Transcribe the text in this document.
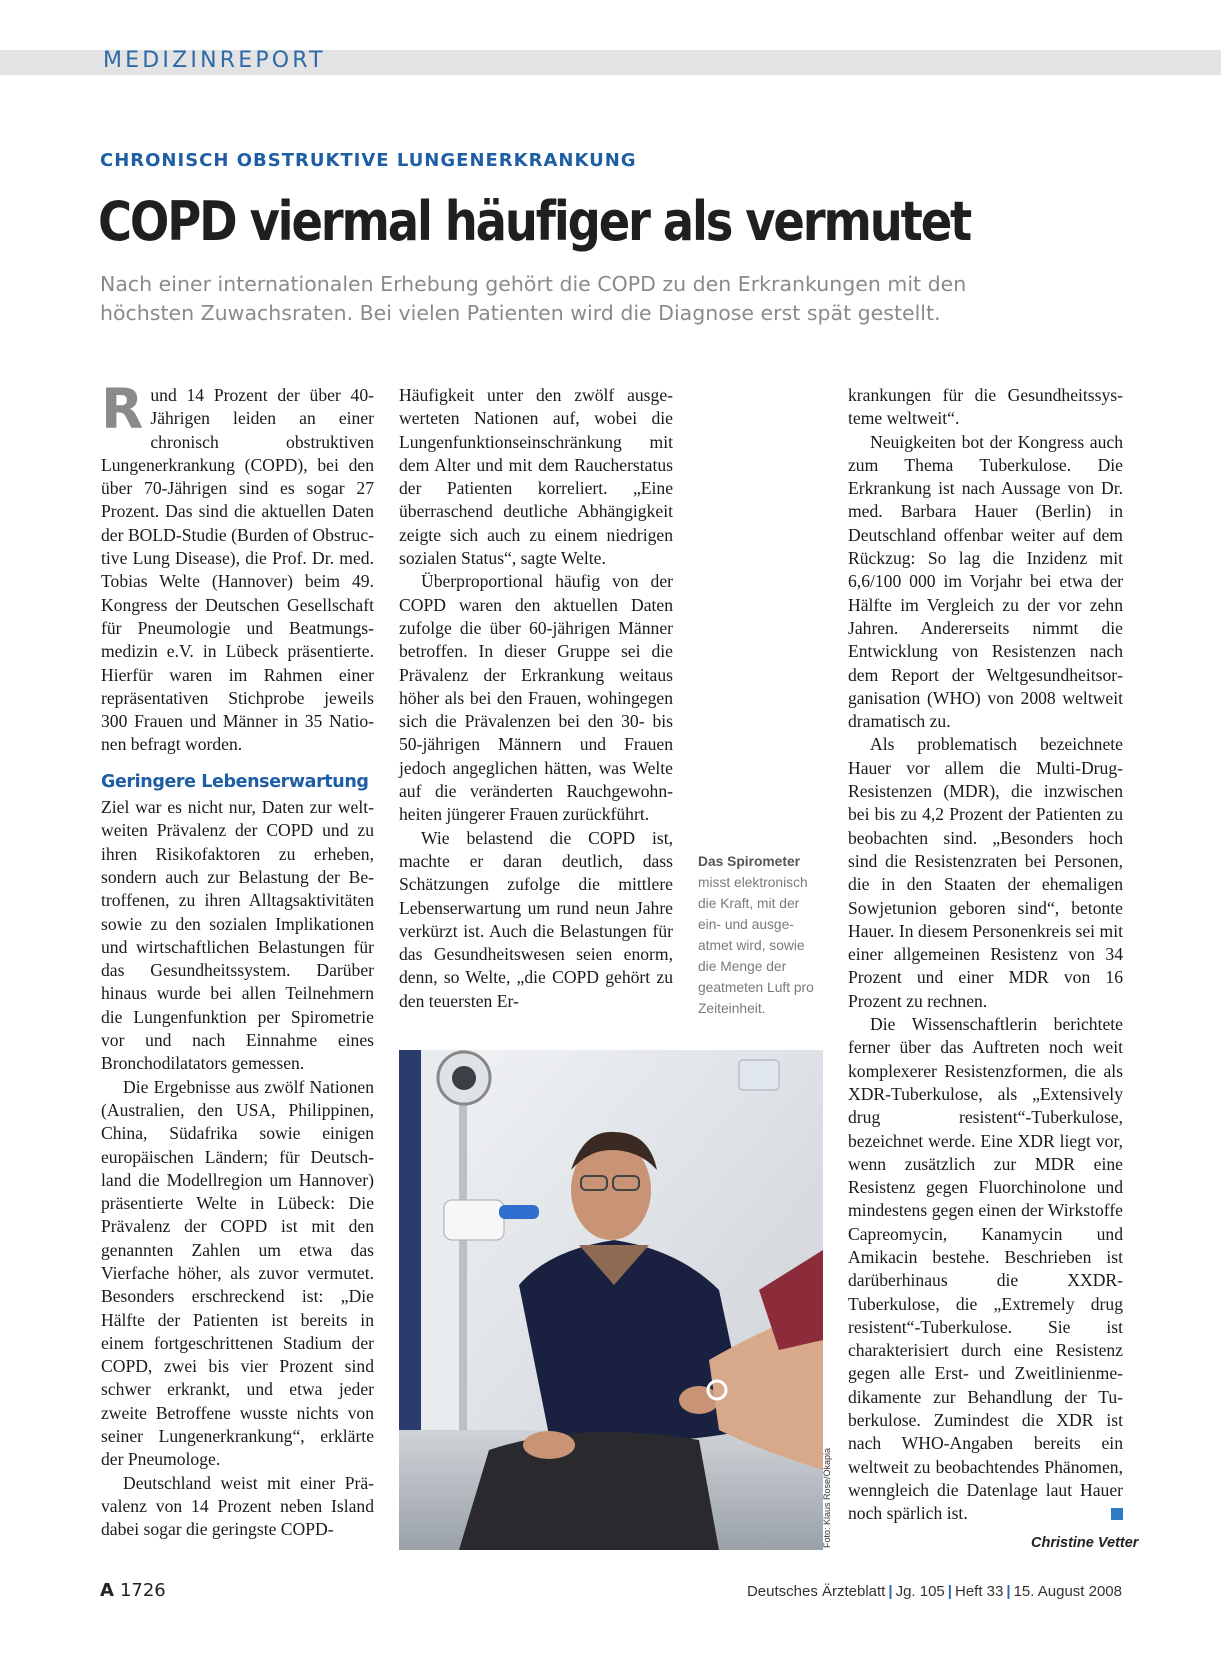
MEDIZINREPORT
CHRONISCH OBSTRUKTIVE LUNGENERKRANKUNG
COPD viermal häufiger als vermutet
Nach einer internationalen Erhebung gehört die COPD zu den Erkrankungen mit den
höchsten Zuwachsraten. Bei vielen Patienten wird die Diagnose erst spät gestellt.

Rund 14 Prozent der über 40-Jährigen leiden an einer chronisch obstruktiven Lungenerkrankung (COPD), bei den über 70-Jährigen sind es sogar 27 Prozent. Das sind die aktuellen Daten der BOLD-Studie (Burden of Obstructive Lung Disease), die Prof. Dr. med. Tobias Welte (Hannover) beim 49. Kongress der Deutschen Gesellschaft für Pneumologie und Beatmungsmedizin e.V. in Lübeck präsentierte. Hierfür waren im Rahmen einer repräsentativen Stichprobe jeweils 300 Frauen und Männer in 35 Nationen befragt worden.

Geringere Lebenserwartung

Ziel war es nicht nur, Daten zur weltweiten Prävalenz der COPD und zu ihren Risikofaktoren zu erheben, sondern auch zur Belastung der Betroffenen, zu ihren Alltagsaktivitäten sowie zu den sozialen Implikationen und wirtschaftlichen Belastungen für das Gesundheitssystem. Darüber hinaus wurde bei allen Teilnehmern die Lungenfunktion per Spirometrie vor und nach Einnahme eines Bronchodilatators gemessen.

Die Ergebnisse aus zwölf Nationen (Australien, den USA, Philippinen, China, Südafrika sowie einigen europäischen Ländern; für Deutschland die Modellregion um Hannover) präsentierte Welte in Lübeck: Die Prävalenz der COPD ist mit den genannten Zahlen um etwa das Vierfache höher, als zuvor vermutet. Besonders erschreckend ist: „Die Hälfte der Patienten ist bereits in einem fortgeschrittenen Stadium der COPD, zwei bis vier Prozent sind schwer erkrankt, und etwa jeder zweite Betroffene wusste nichts von seiner Lungenerkrankung“, erklärte der Pneumologe.

Deutschland weist mit einer Prävalenz von 14 Prozent neben Island dabei sogar die geringste COPD-

Häufigkeit unter den zwölf ausgewerteten Nationen auf, wobei die Lungenfunktionseinschränkung mit dem Alter und mit dem Raucherstatus der Patienten korreliert. „Eine überraschend deutliche Abhängigkeit zeigte sich auch zu einem niedrigen sozialen Status“, sagte Welte.

Überproportional häufig von der COPD waren den aktuellen Daten zufolge die über 60-jährigen Männer betroffen. In dieser Gruppe sei die Prävalenz der Erkrankung weitaus höher als bei den Frauen, wohingegen sich die Prävalenzen bei den 30- bis 50-jährigen Männern und Frauen jedoch angeglichen hätten, was Welte auf die veränderten Rauchgewohnheiten jüngerer Frauen zurückführt.

Wie belastend die COPD ist, machte er daran deutlich, dass Schätzungen zufolge die mittlere Lebenserwartung um rund neun Jahre verkürzt ist. Auch die Belastungen für das Gesundheitswesen seien enorm, denn, so Welte, „die COPD gehört zu den teuersten Er-

Das Spirometer
misst elektronisch die Kraft, mit der ein- und ausgeatmet wird, sowie die Menge der geatmeten Luft pro Zeiteinheit.
Foto: Klaus Rose/Okapia

krankungen für die Gesundheitssysteme weltweit“.

Neuigkeiten bot der Kongress auch zum Thema Tuberkulose. Die Erkrankung ist nach Aussage von Dr. med. Barbara Hauer (Berlin) in Deutschland offenbar weiter auf dem Rückzug: So lag die Inzidenz mit 6,6/100 000 im Vorjahr bei etwa der Hälfte im Vergleich zu der vor zehn Jahren. Andererseits nimmt die Entwicklung von Resistenzen nach dem Report der Weltgesundheitsorganisation (WHO) von 2008 weltweit dramatisch zu.

Als problematisch bezeichnete Hauer vor allem die Multi-Drug-Resistenzen (MDR), die inzwischen bei bis zu 4,2 Prozent der Patienten zu beobachten sind. „Besonders hoch sind die Resistenzraten bei Personen, die in den Staaten der ehemaligen Sowjetunion geboren sind“, betonte Hauer. In diesem Personenkreis sei mit einer allgemeinen Resistenz von 34 Prozent und einer MDR von 16 Prozent zu rechnen.

Die Wissenschaftlerin berichtete ferner über das Auftreten noch weit komplexerer Resistenzformen, die als XDR-Tuberkulose, als „Extensively drug resistent“-Tuberkulose, bezeichnet werde. Eine XDR liegt vor, wenn zusätzlich zur MDR eine Resistenz gegen Fluorchinolone und mindestens gegen einen der Wirkstoffe Capreomycin, Kanamycin und Amikacin bestehe. Beschrieben ist darüberhinaus die XXDR-Tuberkulose, die „Extremely drug resistent“-Tuberkulose. Sie ist charakterisiert durch eine Resistenz gegen alle Erst- und Zweitlinienmedikamente zur Behandlung der Tuberkulose. Zumindest die XDR ist nach WHO-Angaben bereits ein weltweit zu beobachtendes Phänomen, wenngleich die Datenlage laut Hauer noch spärlich ist.

Christine Vetter
A 1726	Deutsches Ärzteblatt | Jg. 105 | Heft 33 | 15. August 2008
